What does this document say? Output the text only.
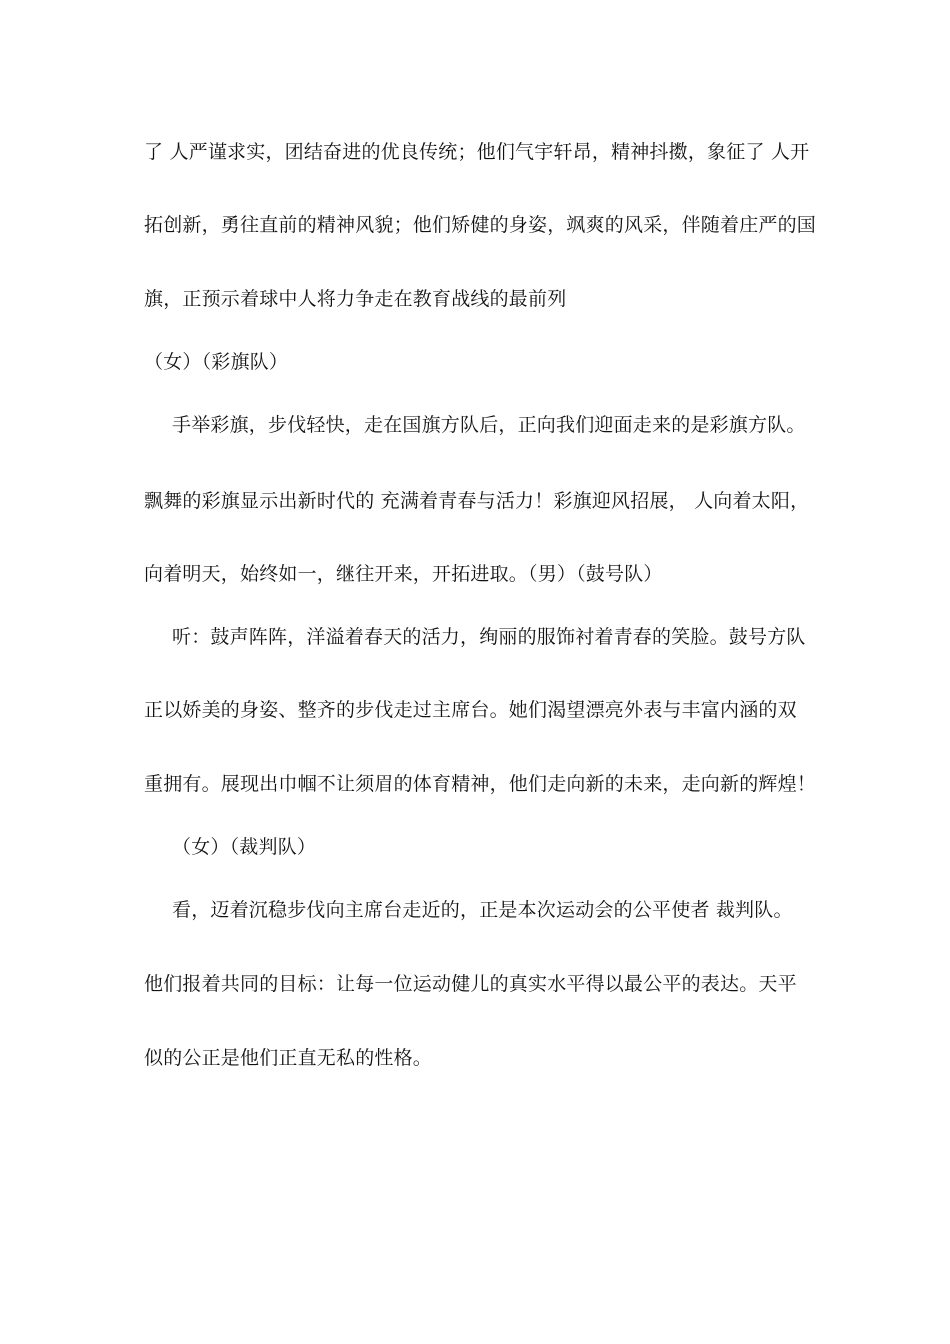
了 人严谨求实，团结奋进的优良传统；他们气宇轩昂，精神抖擞，象征了 人开
拓创新，勇往直前的精神风貌；他们矫健的身姿，飒爽的风采，伴随着庄严的国
旗，正预示着球中人将力争走在教育战线的最前列
（女）（彩旗队）
手举彩旗，步伐轻快，走在国旗方队后，正向我们迎面走来的是彩旗方队。
飘舞的彩旗显示出新时代的 充满着青春与活力！彩旗迎风招展， 人向着太阳，
向着明天，始终如一，继往开来，开拓进取。（男）（鼓号队）
听：鼓声阵阵，洋溢着春天的活力，绚丽的服饰衬着青春的笑脸。鼓号方队
正以娇美的身姿、整齐的步伐走过主席台。她们渴望漂亮外表与丰富内涵的双
重拥有。展现出巾帼不让须眉的体育精神，他们走向新的未来，走向新的辉煌！
（女）（裁判队）
看，迈着沉稳步伐向主席台走近的，正是本次运动会的公平使者 裁判队。
他们报着共同的目标：让每一位运动健儿的真实水平得以最公平的表达。天平
似的公正是他们正直无私的性格。
